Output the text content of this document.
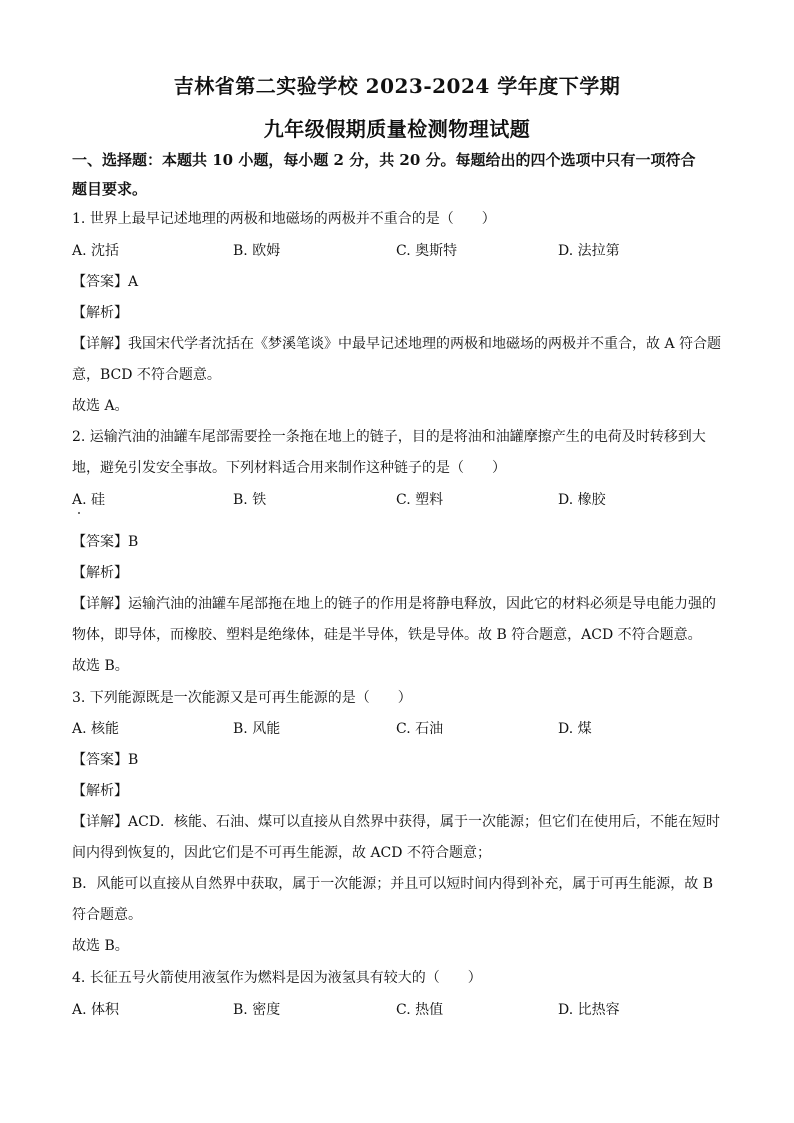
吉林省第二实验学校 2023-2024 学年度下学期
九年级假期质量检测物理试题
一、选择题：本题共 10 小题，每小题 2 分，共 20 分。每题给出的四个选项中只有一项符合
题目要求。
1. 世界上最早记述地理的两极和地磁场的两极并不重合的是（　　）
A. 沈括	B. 欧姆	C. 奥斯特	D. 法拉第
【答案】A
【解析】
【详解】我国宋代学者沈括在《梦溪笔谈》中最早记述地理的两极和地磁场的两极并不重合，故 A 符合题
意，BCD 不符合题意。
故选 A。
2. 运输汽油的油罐车尾部需要拴一条拖在地上的链子，目的是将油和油罐摩擦产生的电荷及时转移到大
地，避免引发安全事故。下列材料适合用来制作这种链子的是（　　）
A. 硅	B. 铁	C. 塑料	D. 橡胶
【答案】B
【解析】
【详解】运输汽油的油罐车尾部拖在地上的链子的作用是将静电释放，因此它的材料必须是导电能力强的
物体，即导体，而橡胶、塑料是绝缘体，硅是半导体，铁是导体。故 B 符合题意，ACD 不符合题意。
故选 B。
3. 下列能源既是一次能源又是可再生能源的是（　　）
A. 核能	B. 风能	C. 石油	D. 煤
【答案】B
【解析】
【详解】ACD．核能、石油、煤可以直接从自然界中获得，属于一次能源；但它们在使用后，不能在短时
间内得到恢复的，因此它们是不可再生能源，故 ACD 不符合题意；
B．风能可以直接从自然界中获取，属于一次能源；并且可以短时间内得到补充，属于可再生能源，故 B
符合题意。
故选 B。
4. 长征五号火箭使用液氢作为燃料是因为液氢具有较大的（　　）
A. 体积	B. 密度	C. 热值	D. 比热容
